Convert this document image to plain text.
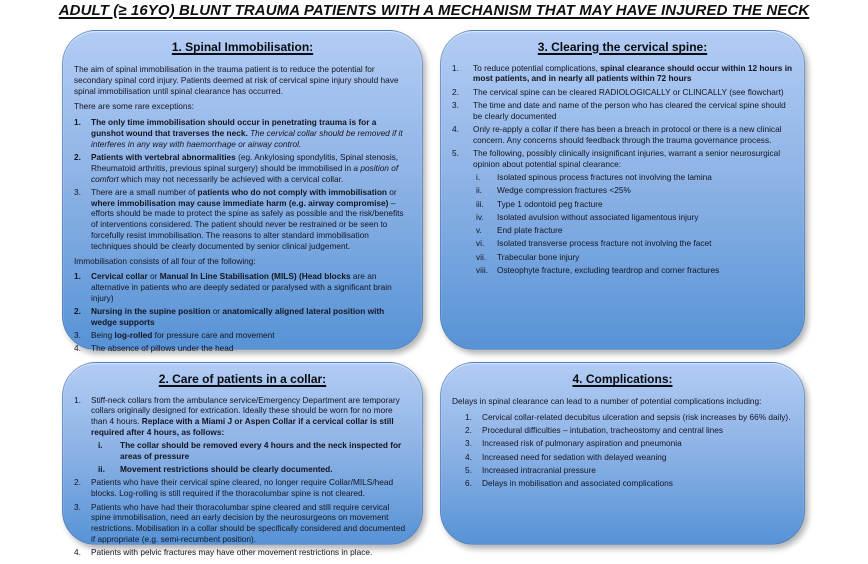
ADULT (≥ 16YO) BLUNT TRAUMA PATIENTS WITH A MECHANISM THAT MAY HAVE INJURED THE NECK
1. Spinal Immobilisation:
The aim of spinal immobilisation in the trauma patient is to reduce the potential for secondary spinal cord injury. Patients deemed at risk of cervical spine injury should have spinal immobilisation until spinal clearance has occurred.
There are some rare exceptions:
1.	The only time immobilisation should occur in penetrating trauma is for a gunshot wound that traverses the neck. The cervical collar should be removed if it interferes in any way with haemorrhage or airway control.
2.	Patients with vertebral abnormalities (eg. Ankylosing spondylitis, Spinal stenosis, Rheumatoid arthritis, previous spinal surgery) should be immobilised in a position of comfort which may not necessarily be achieved with a cervical collar.
3.	There are a small number of patients who do not comply with immobilisation or where immobilisation may cause immediate harm (e.g. airway compromise) – efforts should be made to protect the spine as safely as possible and the risk/benefits of interventions considered. The patient should never be restrained or be seen to forcefully resist immobilisation. The reasons to alter standard immobilisation techniques should be clearly documented by senior clinical judgement.
Immobilisation consists of all four of the following:
1.	Cervical collar or Manual In Line Stabilisation (MILS) (Head blocks are an alternative in patients who are deeply sedated or paralysed with a significant brain injury)
2.	Nursing in the supine position or anatomically aligned lateral position with wedge supports
3.	Being log-rolled for pressure care and movement
4.	The absence of pillows under the head
2. Care of patients in a collar:
1.	Stiff-neck collars from the ambulance service/Emergency Department are temporary collars originally designed for extrication. Ideally these should be worn for no more than 4 hours. Replace with a Miami J or Aspen Collar if a cervical collar is still required after 4 hours, as follows:
i.	The collar should be removed every 4 hours and the neck inspected for areas of pressure
ii.	Movement restrictions should be clearly documented.
2.	Patients who have their cervical spine cleared, no longer require Collar/MILS/head blocks. Log-rolling is still required if the thoracolumbar spine is not cleared.
3.	Patients who have had their thoracolumbar spine cleared and still require cervical spine immobilisation, need an early decision by the neurosurgeons on movement restrictions. Mobilisation in a collar should be specifically considered and documented if appropriate (e.g. semi-recumbent position).
4.	Patients with pelvic fractures may have other movement restrictions in place.
3. Clearing the cervical spine:
1.	To reduce potential complications, spinal clearance should occur within 12 hours in most patients, and in nearly all patients within 72 hours
2.	The cervical spine can be cleared RADIOLOGICALLY or CLINCALLY (see flowchart)
3.	The time and date and name of the person who has cleared the cervical spine should be clearly documented
4.	Only re-apply a collar if there has been a breach in protocol or there is a new clinical concern. Any concerns should feedback through the trauma governance process.
5.	The following, possibly clinically insignificant injuries, warrant a senior neurosurgical opinion about potential spinal clearance:
i.	Isolated spinous process fractures not involving the lamina
ii.	Wedge compression fractures <25%
iii.	Type 1 odontoid peg fracture
iv.	Isolated avulsion without associated ligamentous injury
v.	End plate fracture
vi.	Isolated transverse process fracture not involving the facet
vii.	Trabecular bone injury
viii.	Osteophyte fracture, excluding teardrop and corner fractures
4. Complications:
Delays in spinal clearance can lead to a number of potential complications including:
1.	Cervical collar-related decubitus ulceration and sepsis (risk increases by 66% daily).
2.	Procedural difficulties – intubation, tracheostomy and central lines
3.	Increased risk of pulmonary aspiration and pneumonia
4.	Increased need for sedation with delayed weaning
5.	Increased intracranial pressure
6.	Delays in mobilisation and associated complications
